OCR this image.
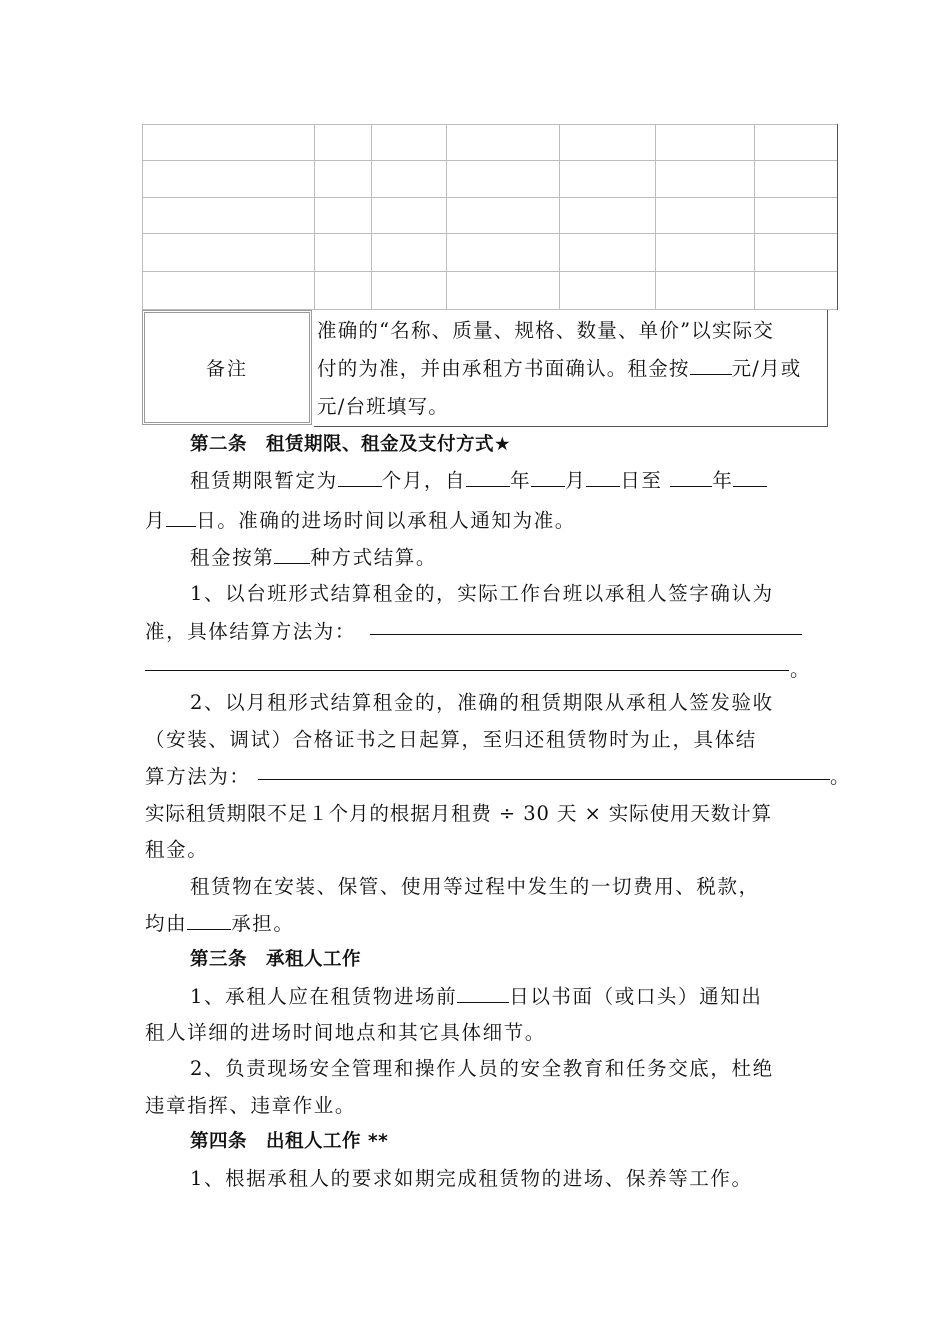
备注
准确的“名称、质量、规格、数量、单价”以实际交
付的为准，并由承租方书面确认。租金按 元/月或
元/台班填写。
第二条　租赁期限、租金及支付方式★
租赁期限暂定为 个月，自 年 月 日至	年
月 日。准确的进场时间以承租人通知为准。
租金按第 种方式结算。
1、以台班形式结算租金的，实际工作台班以承租人签字确认为
准，具体结算方法为：
。
2、以月租形式结算租金的，准确的租赁期限从承租人签发验收
（安装、调试）合格证书之日起算，至归还租赁物时为止，具体结
算方法为：	。
实际租赁期限不足１个月的根据月租费 ÷ 30 天 × 实际使用天数计算
租金。
租赁物在安装、保管、使用等过程中发生的一切费用、税款，
均由 承担。
第三条　承租人工作
1、承租人应在租赁物进场前	日以书面（或口头）通知出
租人详细的进场时间地点和其它具体细节。
2、负责现场安全管理和操作人员的安全教育和任务交底，杜绝
违章指挥、违章作业。
第四条　出租人工作 **
1、根据承租人的要求如期完成租赁物的进场、保养等工作。
